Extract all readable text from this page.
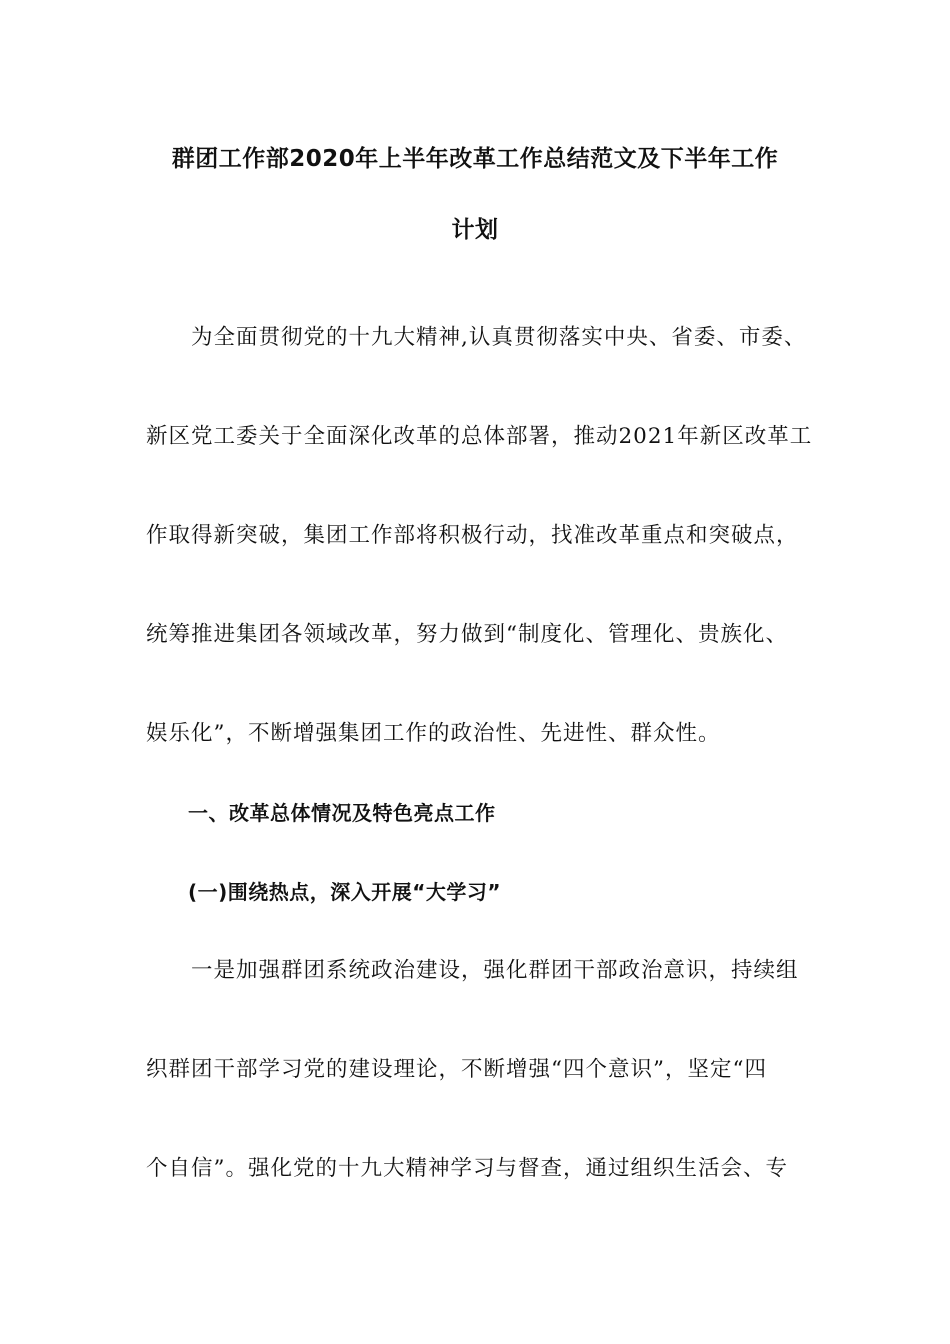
群团工作部2020年上半年改革工作总结范文及下半年工作
计划
　　为全面贯彻党的十九大精神,认真贯彻落实中央、省委、市委、
新区党工委关于全面深化改革的总体部署，推动2021年新区改革工
作取得新突破，集团工作部将积极行动，找准改革重点和突破点，
统筹推进集团各领域改革，努力做到“制度化、管理化、贵族化、
娱乐化”，不断增强集团工作的政治性、先进性、群众性。
一、改革总体情况及特色亮点工作
(一)围绕热点，深入开展“大学习”
　　一是加强群团系统政治建设，强化群团干部政治意识，持续组
织群团干部学习党的建设理论，不断增强“四个意识”，坚定“四
个自信”。强化党的十九大精神学习与督查，通过组织生活会、专
